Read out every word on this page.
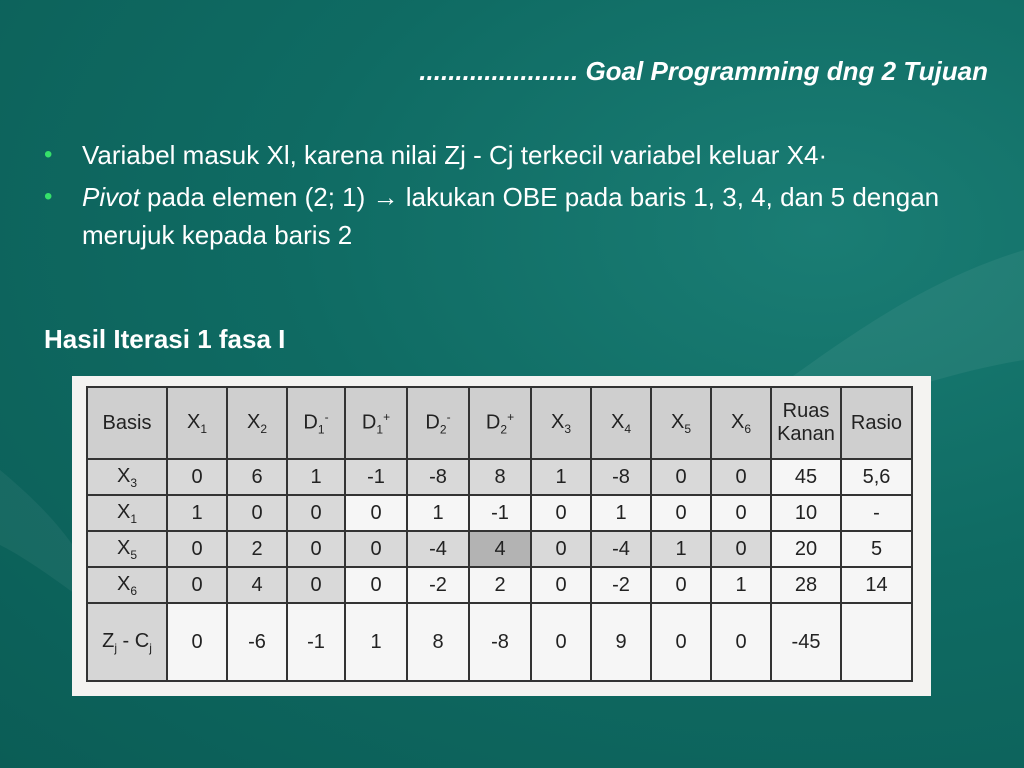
...................... Goal Programming dng 2 Tujuan
•	Variabel masuk Xl, karena nilai Zj - Cj terkecil variabel keluar X4·
•	Pivot pada elemen (2; 1) → lakukan OBE pada baris 1, 3, 4, dan 5 dengan merujuk kepada baris 2
Hasil Iterasi 1 fasa I
Basis	$X_1$	$X_2$	$D_1^-$	$D_1^+$	$D_2^-$	$D_2^+$	$X_3$	$X_4$	$X_5$	$X_6$	Ruas Kanan	Rasio
$X_3$	0	6	1	-1	-8	8	1	-8	0	0	45	5,6
$X_1$	1	0	0	0	1	-1	0	1	0	0	10	-
$X_5$	0	2	0	0	-4	4	0	-4	1	0	20	5
$X_6$	0	4	0	0	-2	2	0	-2	0	1	28	14
$Z_j - C_j$	0	-6	-1	1	8	-8	0	9	0	0	-45	
